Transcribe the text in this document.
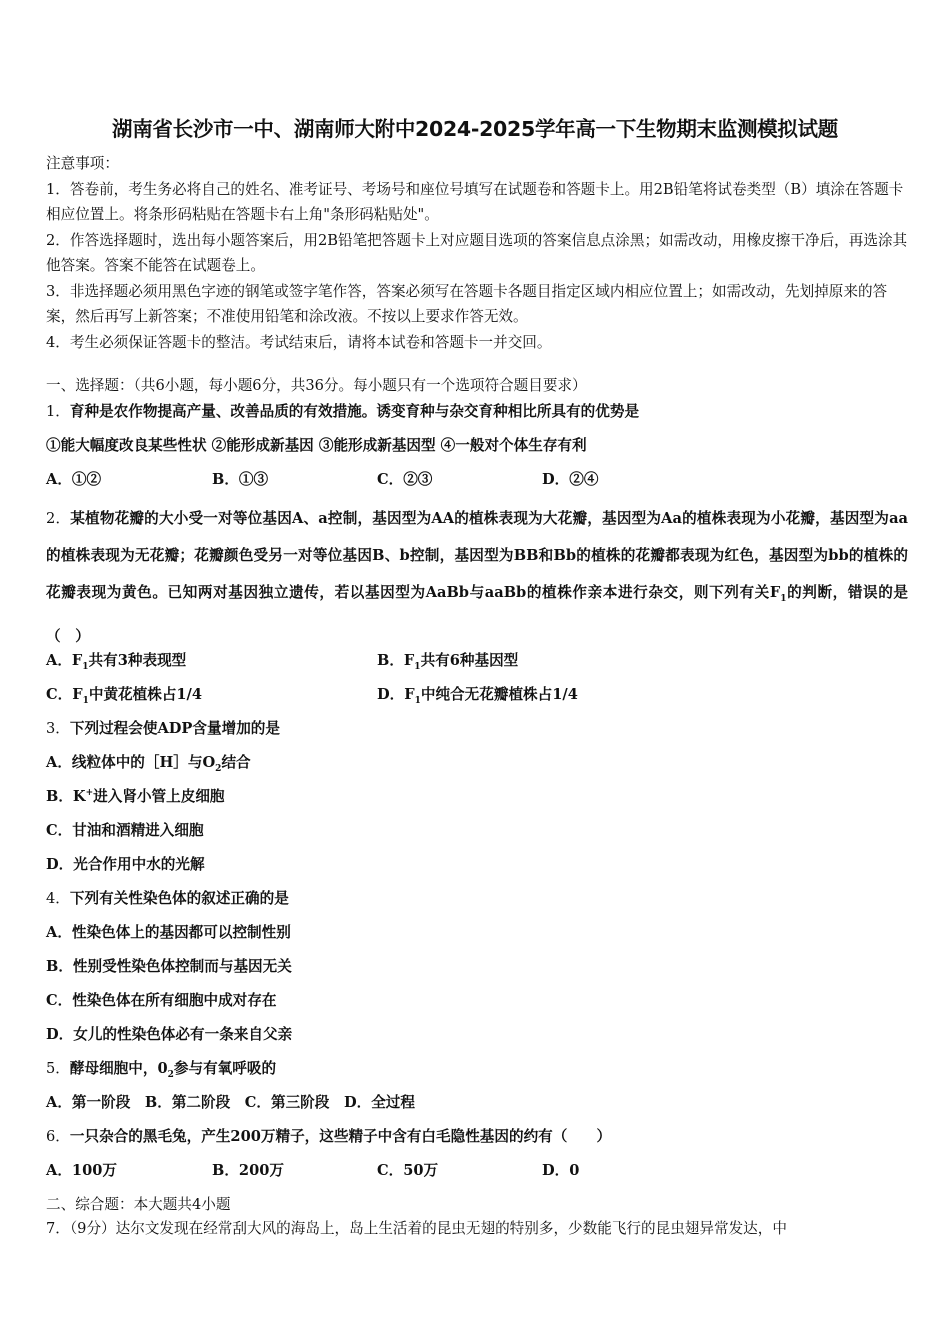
湖南省长沙市一中、湖南师大附中2024-2025学年高一下生物期末监测模拟试题

注意事项：

1．答卷前，考生务必将自己的姓名、准考证号、考场号和座位号填写在试题卷和答题卡上。用2B铅笔将试卷类型（B）填涂在答题卡相应位置上。将条形码粘贴在答题卡右上角"条形码粘贴处"。

2．作答选择题时，选出每小题答案后，用2B铅笔把答题卡上对应题目选项的答案信息点涂黑；如需改动，用橡皮擦干净后，再选涂其他答案。答案不能答在试题卷上。

3．非选择题必须用黑色字迹的钢笔或签字笔作答，答案必须写在答题卡各题目指定区域内相应位置上；如需改动，先划掉原来的答案，然后再写上新答案；不准使用铅笔和涂改液。不按以上要求作答无效。

4．考生必须保证答题卡的整洁。考试结束后，请将本试卷和答题卡一并交回。

一、选择题：（共6小题，每小题6分，共36分。每小题只有一个选项符合题目要求）
1．育种是农作物提高产量、改善品质的有效措施。诱变育种与杂交育种相比所具有的优势是
①能大幅度改良某些性状 ②能形成新基因 ③能形成新基因型 ④一般对个体生存有利
A．①②	B．①③	C．②③	D．②④
2．某植物花瓣的大小受一对等位基因A、a控制，基因型为AA的植株表现为大花瓣，基因型为Aa的植株表现为小花瓣，基因型为aa的植株表现为无花瓣；花瓣颜色受另一对等位基因B、b控制，基因型为BB和Bb的植株的花瓣都表现为红色，基因型为bb的植株的花瓣表现为黄色。已知两对基因独立遗传，若以基因型为AaBb与aaBb的植株作亲本进行杂交，则下列有关$F_1$的判断，错误的是（　）
A．$F_1$共有3种表现型	B．$F_1$共有6种基因型
C．$F_1$中黄花植株占1/4	D．$F_1$中纯合无花瓣植株占1/4
3．下列过程会使ADP含量增加的是
A．线粒体中的［H］与$O_2$结合
B．K+进入肾小管上皮细胞
C．甘油和酒精进入细胞
D．光合作用中水的光解
4．下列有关性染色体的叙述正确的是
A．性染色体上的基因都可以控制性别
B．性别受性染色体控制而与基因无关
C．性染色体在所有细胞中成对存在
D．女儿的性染色体必有一条来自父亲
5．酵母细胞中，$0_2$参与有氧呼吸的
A．第一阶段　B．第二阶段　C．第三阶段　D．全过程
6．一只杂合的黑毛兔，产生200万精子，这些精子中含有白毛隐性基因的约有（　　）
A．100万	B．200万	C．50万	D．0
二、综合题：本大题共4小题
7．（9分）达尔文发现在经常刮大风的海岛上，岛上生活着的昆虫无翅的特别多，少数能飞行的昆虫翅异常发达，中
